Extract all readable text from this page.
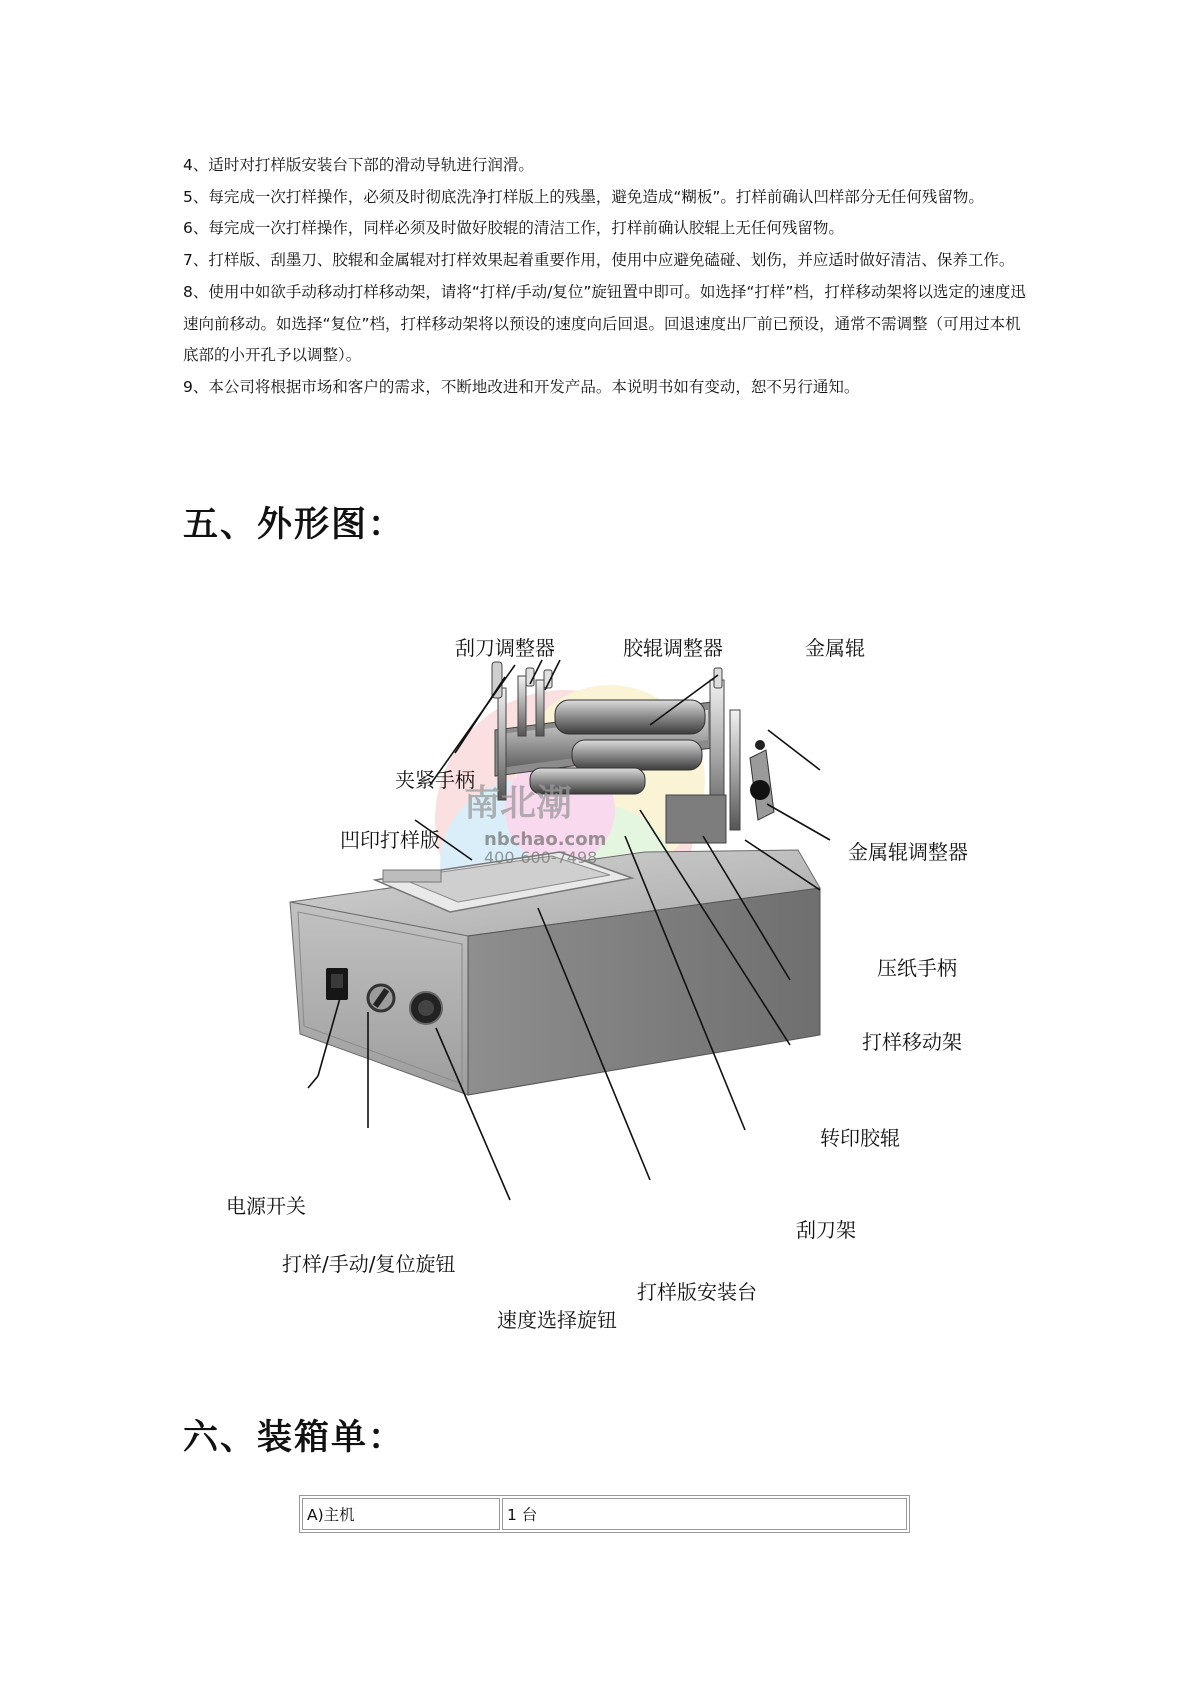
4、适时对打样版安装台下部的滑动导轨进行润滑。
5、每完成一次打样操作，必须及时彻底洗净打样版上的残墨，避免造成“糊板”。打样前确认凹样部分无任何残留物。
6、每完成一次打样操作，同样必须及时做好胶辊的清洁工作，打样前确认胶辊上无任何残留物。
7、打样版、刮墨刀、胶辊和金属辊对打样效果起着重要作用，使用中应避免磕碰、划伤，并应适时做好清洁、保养工作。
8、使用中如欲手动移动打样移动架，请将“打样/手动/复位”旋钮置中即可。如选择“打样”档，打样移动架将以选定的速度迅速向前移动。如选择“复位”档，打样移动架将以预设的速度向后回退。回退速度出厂前已预设，通常不需调整（可用过本机底部的小开孔予以调整）。
9、本公司将根据市场和客户的需求，不断地改进和开发产品。本说明书如有变动，恕不另行通知。
五、外形图：
南北潮
nbchao.com
400-600-7498
刮刀调整器	胶辊调整器	金属辊
夹紧手柄
凹印打样版	金属辊调整器
压纸手柄
打样移动架
转印胶辊
刮刀架
打样版安装台
电源开关
打样/手动/复位旋钮
速度选择旋钮
六、装箱单：
A)主机	1 台
